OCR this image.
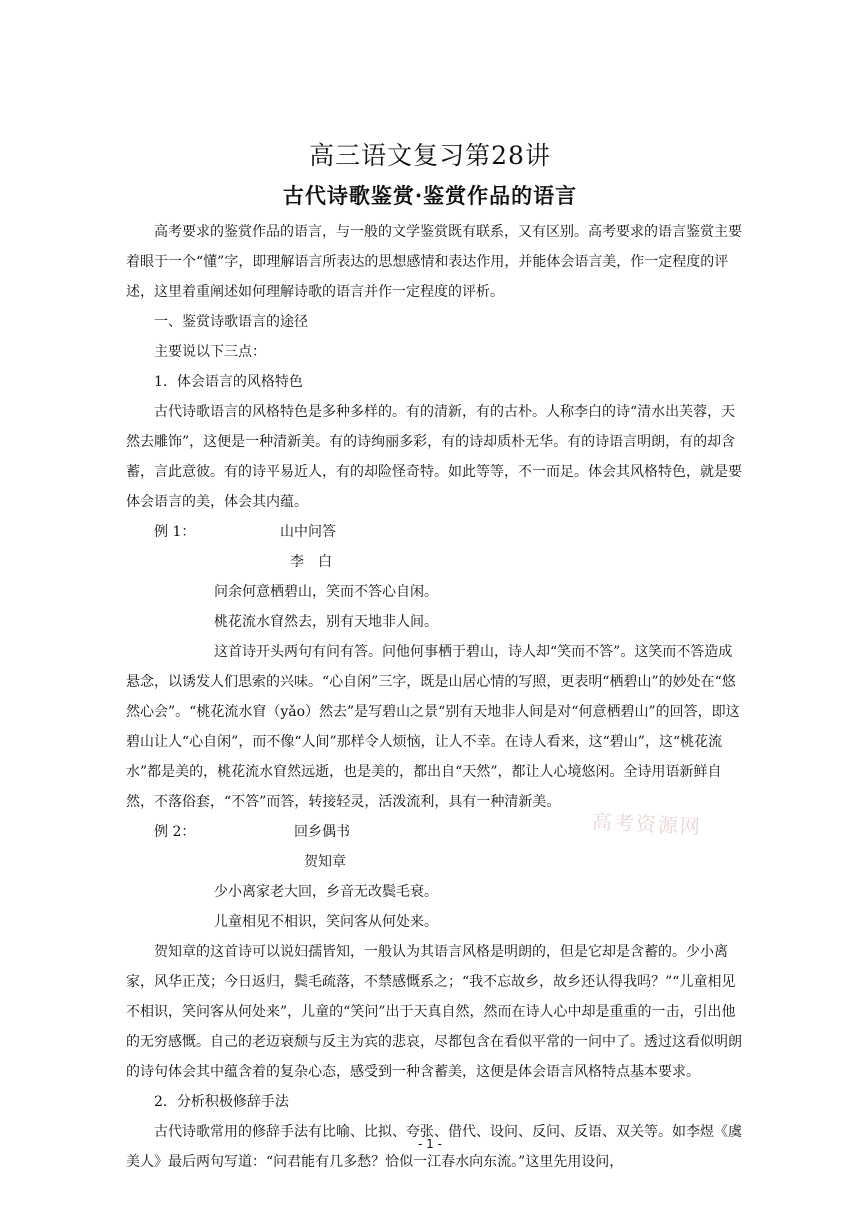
高三语文复习第28讲
古代诗歌鉴赏·鉴赏作品的语言

高考要求的鉴赏作品的语言，与一般的文学鉴赏既有联系，又有区别。高考要求的语言鉴赏主要着眼于一个“懂”字，即理解语言所表达的思想感情和表达作用，并能体会语言美，作一定程度的评述，这里着重阐述如何理解诗歌的语言并作一定程度的评析。

一、鉴赏诗歌语言的途径

主要说以下三点：

1．体会语言的风格特色

古代诗歌语言的风格特色是多种多样的。有的清新，有的古朴。人称李白的诗“清水出芙蓉，天然去雕饰”，这便是一种清新美。有的诗绚丽多彩，有的诗却质朴无华。有的诗语言明朗，有的却含蓄，言此意彼。有的诗平易近人，有的却险怪奇特。如此等等，不一而足。体会其风格特色，就是要体会语言的美，体会其内蕴。

例 1：	山中问答
李　白

问余何意栖碧山，笑而不答心自闲。

桃花流水窅然去，别有天地非人间。

这首诗开头两句有问有答。问他何事栖于碧山，诗人却“笑而不答”。这笑而不答造成悬念，以诱发人们思索的兴味。“心自闲”三字，既是山居心情的写照，更表明“栖碧山”的妙处在“悠然心会”。“桃花流水窅（yǎo）然去”是写碧山之景“别有天地非人间是对“何意栖碧山”的回答，即这碧山让人“心自闲”，而不像“人间”那样令人烦恼，让人不幸。在诗人看来，这“碧山”，这“桃花流水”都是美的，桃花流水窅然远逝，也是美的，都出自“天然”，都让人心境悠闲。全诗用语新鲜自然，不落俗套，“不答”而答，转接轻灵，活泼流利，具有一种清新美。

例 2：	回乡偶书
贺知章

少小离家老大回，乡音无改鬓毛衰。

儿童相见不相识，笑问客从何处来。

贺知章的这首诗可以说妇孺皆知，一般认为其语言风格是明朗的，但是它却是含蓄的。少小离家，风华正茂；今日返归，鬓毛疏落，不禁感慨系之；“我不忘故乡，故乡还认得我吗？”“儿童相见不相识，笑问客从何处来”，儿童的“笑问”出于天真自然，然而在诗人心中却是重重的一击，引出他的无穷感慨。自己的老迈衰颓与反主为宾的悲哀，尽都包含在看似平常的一问中了。透过这看似明朗的诗句体会其中蕴含着的复杂心态，感受到一种含蓄美，这便是体会语言风格特点基本要求。

2．分析积极修辞手法

古代诗歌常用的修辞手法有比喻、比拟、夸张、借代、设问、反问、反语、双关等。如李煜《虞美人》最后两句写道：“问君能有几多愁？恰似一江春水向东流。”这里先用设问，

高考资源网
- 1 -
